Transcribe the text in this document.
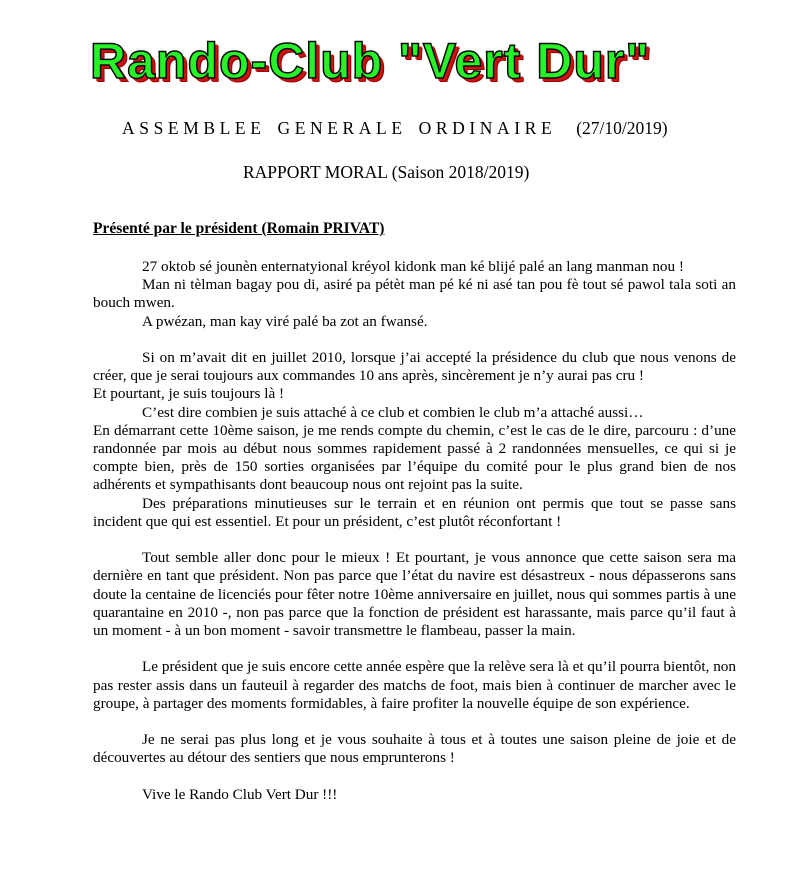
Rando-Club "Vert Dur"
ASSEMBLEE GENERALE ORDINAIRE (27/10/2019)
RAPPORT MORAL (Saison 2018/2019)
Présenté par le président (Romain PRIVAT)

27 oktob sé jounèn enternatyional kréyol kidonk man ké blijé palé an lang manman nou !

Man ni tèlman bagay pou di, asiré pa pétèt man pé ké ni asé tan pou fè tout sé pawol tala soti an bouch mwen.

A pwézan, man kay viré palé ba zot an fwansé.

Si on m’avait dit en juillet 2010, lorsque j’ai accepté la présidence du club que nous venons de créer, que je serai toujours aux commandes 10 ans après, sincèrement je n’y aurai pas cru !

Et pourtant, je suis toujours là !

C’est dire combien je suis attaché à ce club et combien le club m’a attaché aussi…

En démarrant cette 10ème saison, je me rends compte du chemin, c’est le cas de le dire, parcouru : d’une randonnée par mois au début nous sommes rapidement passé à 2 randonnées mensuelles, ce qui si je compte bien, près de 150 sorties organisées par l’équipe du comité pour le plus grand bien de nos adhérents et sympathisants dont beaucoup nous ont rejoint pas la suite.

Des préparations minutieuses sur le terrain et en réunion ont permis que tout se passe sans incident que qui est essentiel. Et pour un président, c’est plutôt réconfortant !

Tout semble aller donc pour le mieux ! Et pourtant, je vous annonce que cette saison sera ma dernière en tant que président. Non pas parce que l’état du navire est désastreux - nous dépasserons sans doute la centaine de licenciés pour fêter notre 10ème anniversaire en juillet, nous qui sommes partis à une quarantaine en 2010 -, non pas parce que la fonction de président est harassante, mais parce qu’il faut à un moment - à un bon moment - savoir transmettre le flambeau, passer la main.

Le président que je suis encore cette année espère que la relève sera là et qu’il pourra bientôt, non pas rester assis dans un fauteuil à regarder des matchs de foot, mais bien à continuer de marcher avec le groupe, à partager des moments formidables, à faire profiter la nouvelle équipe de son expérience.

Je ne serai pas plus long et je vous souhaite à tous et à toutes une saison pleine de joie et de découvertes au détour des sentiers que nous emprunterons !

Vive le Rando Club Vert Dur !!!
